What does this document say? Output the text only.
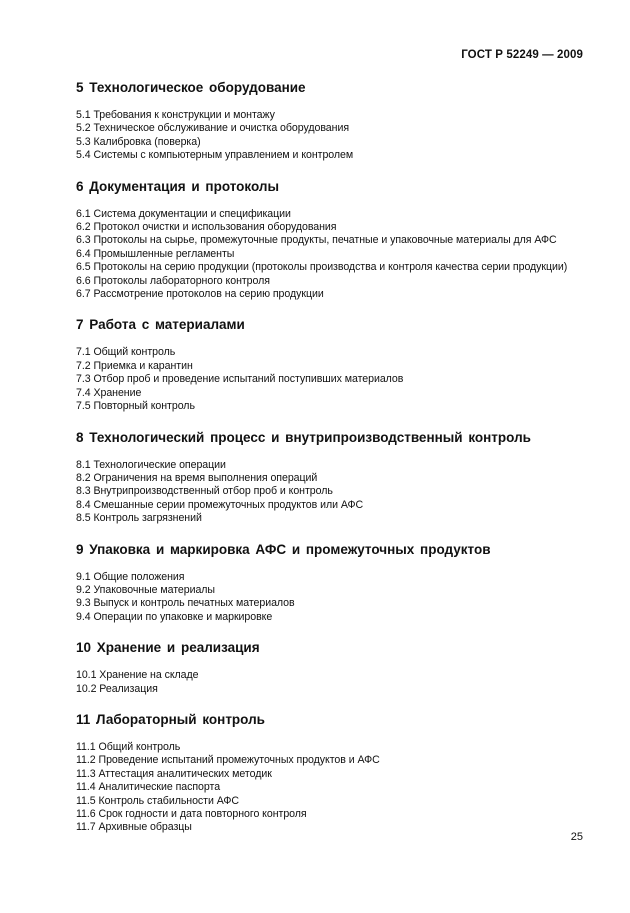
ГОСТ Р 52249 — 2009
5 Технологическое оборудование
5.1 Требования к конструкции и монтажу
5.2 Техническое обслуживание и очистка оборудования
5.3 Калибровка (поверка)
5.4 Системы с компьютерным управлением и контролем
6 Документация и протоколы
6.1 Система документации и спецификации
6.2 Протокол очистки и использования оборудования
6.3 Протоколы на сырье, промежуточные продукты, печатные и упаковочные материалы для АФС
6.4 Промышленные регламенты
6.5 Протоколы на серию продукции (протоколы производства и контроля качества серии продукции)
6.6 Протоколы лабораторного контроля
6.7 Рассмотрение протоколов на серию продукции
7 Работа с материалами
7.1 Общий контроль
7.2 Приемка и карантин
7.3 Отбор проб и проведение испытаний поступивших материалов
7.4 Хранение
7.5 Повторный контроль
8 Технологический процесс и внутрипроизводственный контроль
8.1 Технологические операции
8.2 Ограничения на время выполнения операций
8.3 Внутрипроизводственный отбор проб и контроль
8.4 Смешанные серии промежуточных продуктов или АФС
8.5 Контроль загрязнений
9 Упаковка и маркировка АФС и промежуточных продуктов
9.1 Общие положения
9.2 Упаковочные материалы
9.3 Выпуск и контроль печатных материалов
9.4 Операции по упаковке и маркировке
10 Хранение и реализация
10.1 Хранение на складе
10.2 Реализация
11 Лабораторный контроль
11.1 Общий контроль
11.2 Проведение испытаний промежуточных продуктов и АФС
11.3 Аттестация аналитических методик
11.4 Аналитические паспорта
11.5 Контроль стабильности АФС
11.6 Срок годности и дата повторного контроля
11.7 Архивные образцы
25
